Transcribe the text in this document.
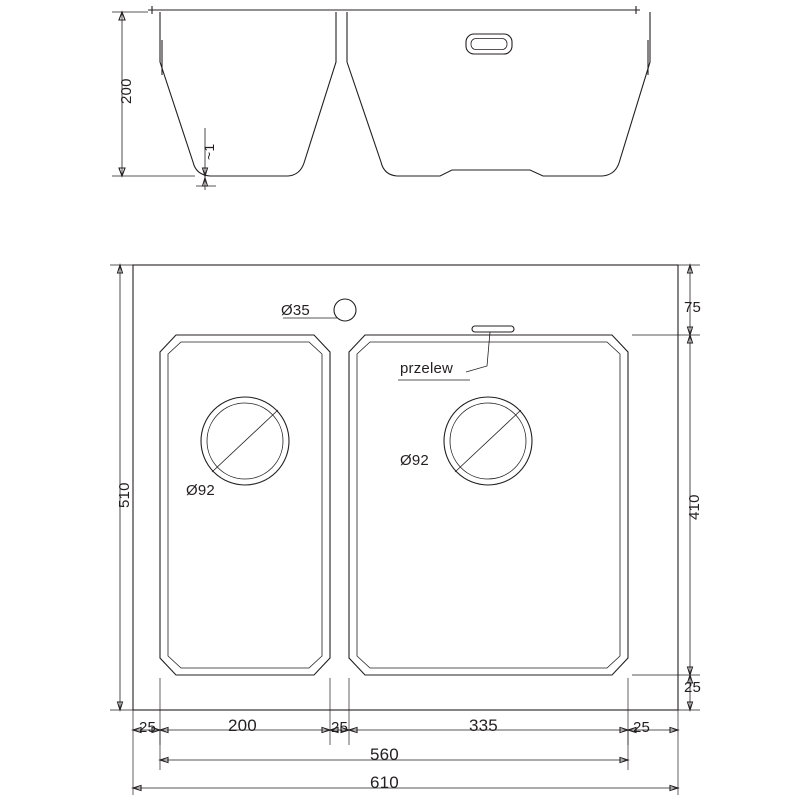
200
~1
Ø35
przelew
Ø92
Ø92
75
410
25
510
25	200	25	335	25
560
610
